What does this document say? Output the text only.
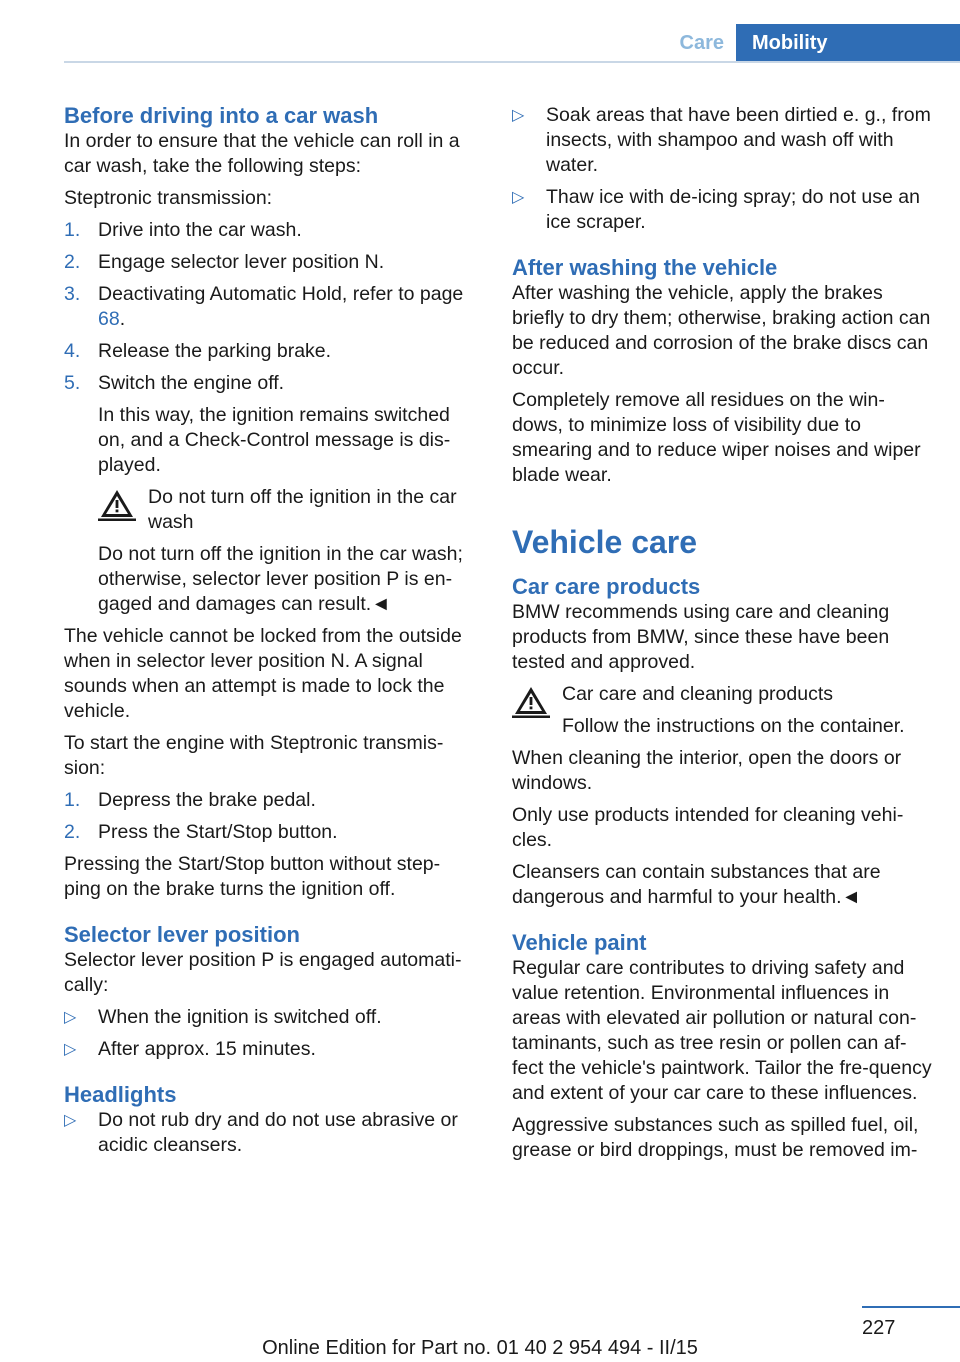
Care	Mobility
Before driving into a car wash

In order to ensure that the vehicle can roll in a car wash, take the following steps:

Steptronic transmission:

1. Drive into the car wash.
2. Engage selector lever position N.
3. Deactivating Automatic Hold, refer to page 68.
4. Release the parking brake.
5. Switch the engine off.

In this way, the ignition remains switched on, and a Check-Control message is dis‐played.

Do not turn off the ignition in the car wash

Do not turn off the ignition in the car wash; otherwise, selector lever position P is en‐gaged and damages can result.◄

The vehicle cannot be locked from the outside when in selector lever position N. A signal sounds when an attempt is made to lock the vehicle.

To start the engine with Steptronic transmis‐sion:

1. Depress the brake pedal.
2. Press the Start/Stop button.

Pressing the Start/Stop button without step‐ping on the brake turns the ignition off.

Selector lever position

Selector lever position P is engaged automati‐cally:

▷	When the ignition is switched off.
▷	After approx. 15 minutes.
Headlights
▷	Do not rub dry and do not use abrasive or acidic cleansers.
▷	Soak areas that have been dirtied e. g., from insects, with shampoo and wash off with water.
▷	Thaw ice with de-icing spray; do not use an ice scraper.
After washing the vehicle

After washing the vehicle, apply the brakes briefly to dry them; otherwise, braking action can be reduced and corrosion of the brake discs can occur.

Completely remove all residues on the win‐dows, to minimize loss of visibility due to smearing and to reduce wiper noises and wiper blade wear.

Vehicle care
Car care products

BMW recommends using care and cleaning products from BMW, since these have been tested and approved.

Car care and cleaning products
Follow the instructions on the container.

When cleaning the interior, open the doors or windows.

Only use products intended for cleaning vehi‐cles.

Cleansers can contain substances that are dangerous and harmful to your health.◄

Vehicle paint

Regular care contributes to driving safety and value retention. Environmental influences in areas with elevated air pollution or natural con‐taminants, such as tree resin or pollen can af‐fect the vehicle's paintwork. Tailor the fre‐quency and extent of your car care to these influences.

Aggressive substances such as spilled fuel, oil, grease or bird droppings, must be removed im‐

227
Online Edition for Part no. 01 40 2 954 494 - II/15
